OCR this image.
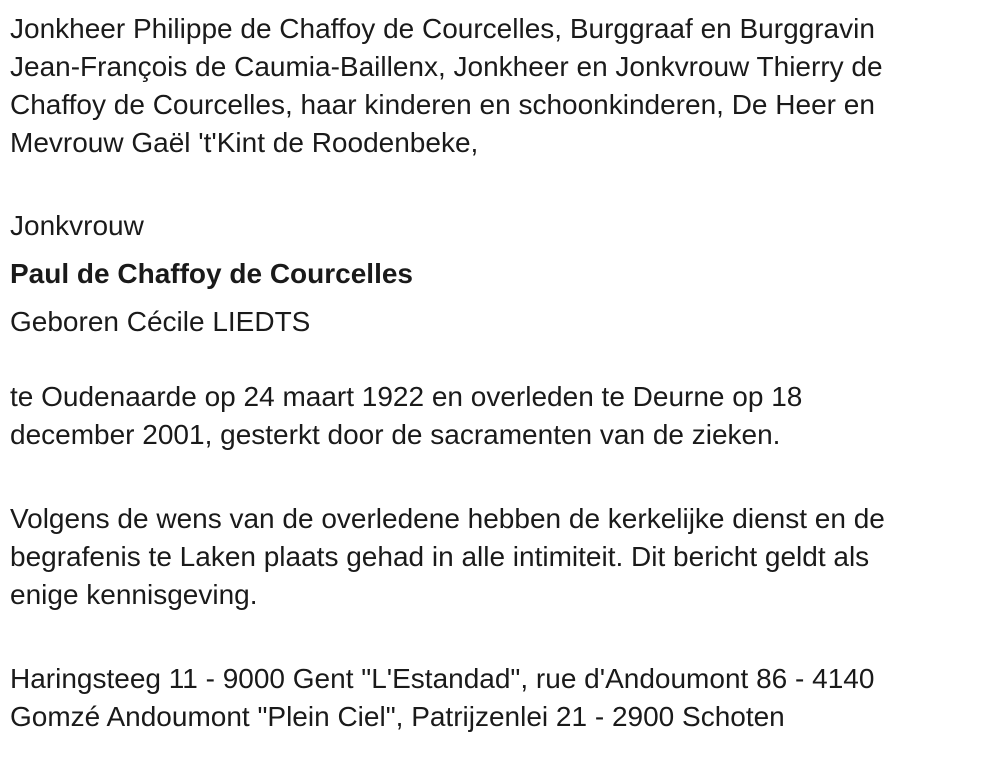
Jonkheer Philippe de Chaffoy de Courcelles, Burggraaf en Burggravin
Jean-François de Caumia-Baillenx, Jonkheer en Jonkvrouw Thierry de
Chaffoy de Courcelles, haar kinderen en schoonkinderen, De Heer en
Mevrouw Gaël 't'Kint de Roodenbeke,
Jonkvrouw
Paul de Chaffoy de Courcelles
Geboren Cécile LIEDTS
te Oudenaarde op 24 maart 1922 en overleden te Deurne op 18
december 2001, gesterkt door de sacramenten van de zieken.
Volgens de wens van de overledene hebben de kerkelijke dienst en de
begrafenis te Laken plaats gehad in alle intimiteit. Dit bericht geldt als
enige kennisgeving.
Haringsteeg 11 - 9000 Gent "L'Estandad", rue d'Andoumont 86 - 4140
Gomzé Andoumont "Plein Ciel", Patrijzenlei 21 - 2900 Schoten
